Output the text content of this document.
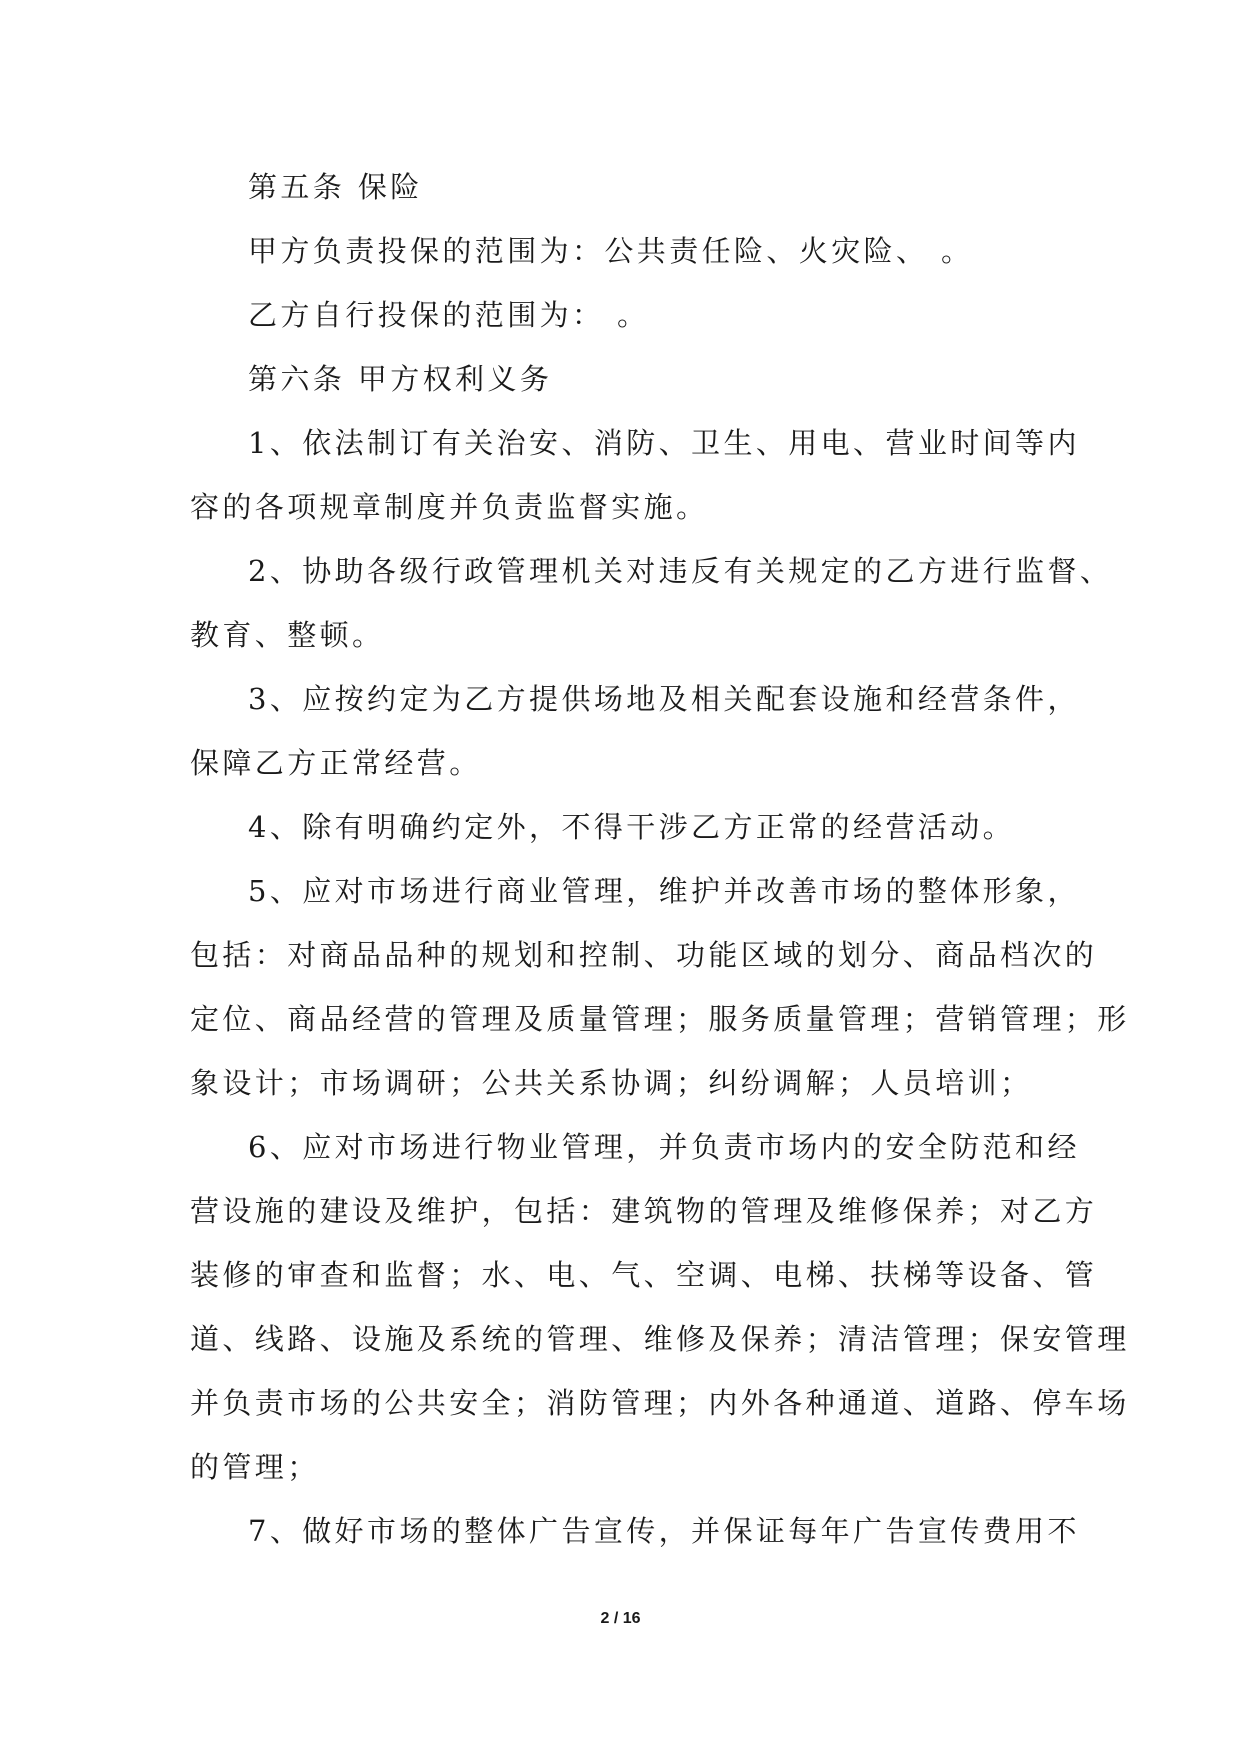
第五条 保险
甲方负责投保的范围为：公共责任险、火灾险、 。
乙方自行投保的范围为： 。
第六条 甲方权利义务
1、依法制订有关治安、消防、卫生、用电、营业时间等内
容的各项规章制度并负责监督实施。
2、协助各级行政管理机关对违反有关规定的乙方进行监督、
教育、整顿。
3、应按约定为乙方提供场地及相关配套设施和经营条件，
保障乙方正常经营。
4、除有明确约定外，不得干涉乙方正常的经营活动。
5、应对市场进行商业管理，维护并改善市场的整体形象，
包括：对商品品种的规划和控制、功能区域的划分、商品档次的
定位、商品经营的管理及质量管理；服务质量管理；营销管理；形
象设计；市场调研；公共关系协调；纠纷调解；人员培训；
6、应对市场进行物业管理，并负责市场内的安全防范和经
营设施的建设及维护，包括：建筑物的管理及维修保养；对乙方
装修的审查和监督；水、电、气、空调、电梯、扶梯等设备、管
道、线路、设施及系统的管理、维修及保养；清洁管理；保安管理
并负责市场的公共安全；消防管理；内外各种通道、道路、停车场
的管理；
7、做好市场的整体广告宣传，并保证每年广告宣传费用不
2 / 16
